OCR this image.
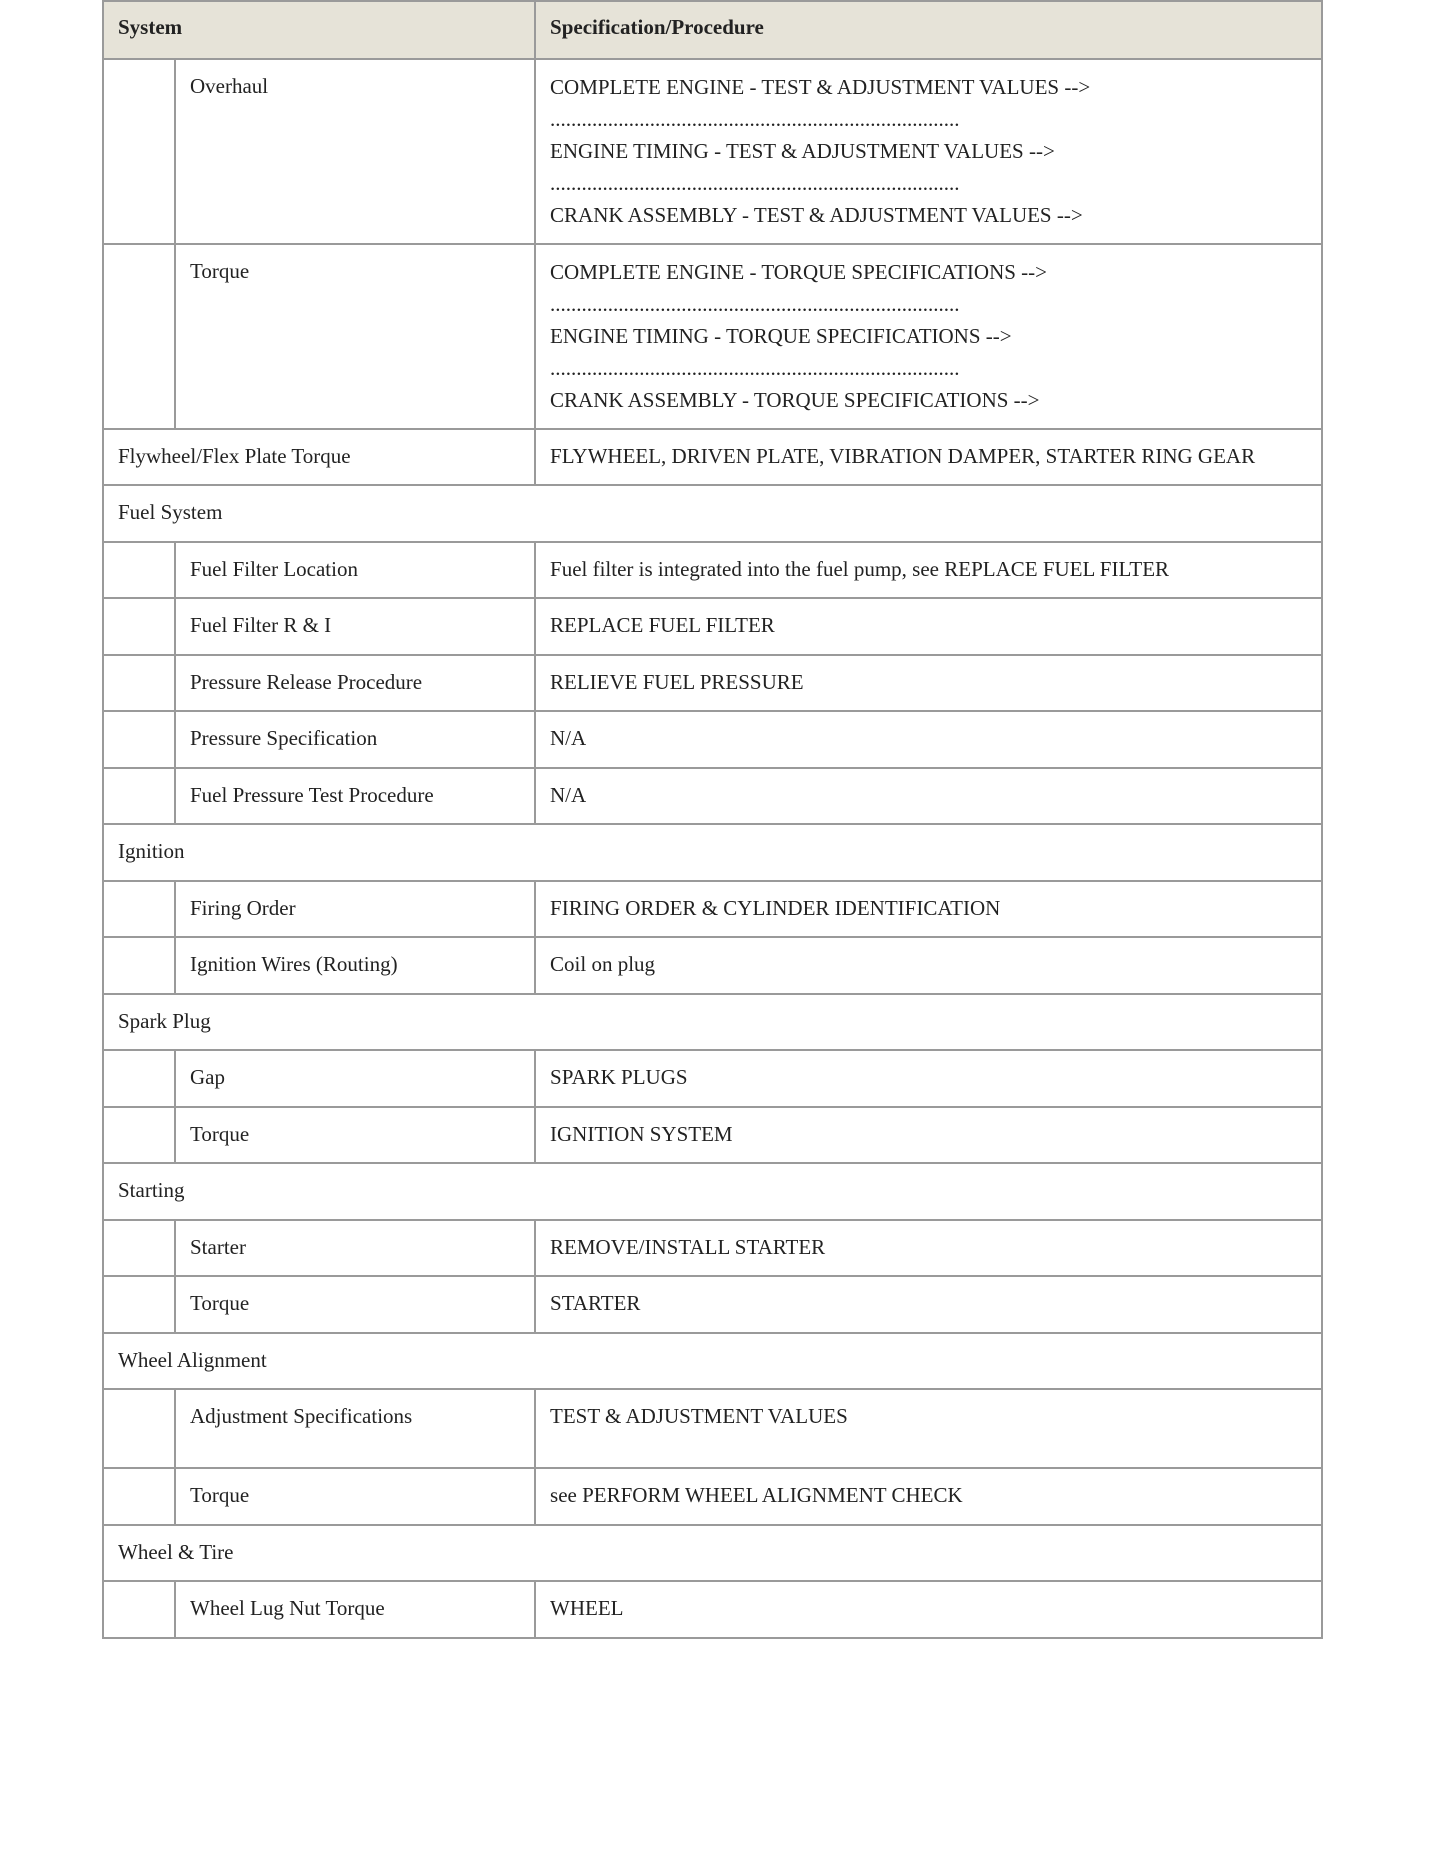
System		Specification/Procedure
	Overhaul	COMPLETE ENGINE - TEST & ADJUSTMENT VALUES -->
..............................................................................
ENGINE TIMING - TEST & ADJUSTMENT VALUES -->
..............................................................................
CRANK ASSEMBLY - TEST & ADJUSTMENT VALUES -->

	Torque	COMPLETE ENGINE - TORQUE SPECIFICATIONS -->
..............................................................................
ENGINE TIMING - TORQUE SPECIFICATIONS -->
..............................................................................
CRANK ASSEMBLY - TORQUE SPECIFICATIONS -->

Flywheel/Flex Plate Torque		FLYWHEEL, DRIVEN PLATE, VIBRATION DAMPER, STARTER RING GEAR
Fuel System		
	Fuel Filter Location	Fuel filter is integrated into the fuel pump, see REPLACE FUEL FILTER
	Fuel Filter R & I	REPLACE FUEL FILTER
	Pressure Release Procedure	RELIEVE FUEL PRESSURE
	Pressure Specification	N/A
	Fuel Pressure Test Procedure	N/A
Ignition		
	Firing Order	FIRING ORDER & CYLINDER IDENTIFICATION
	Ignition Wires (Routing)	Coil on plug
Spark Plug		
	Gap	SPARK PLUGS
	Torque	IGNITION SYSTEM
Starting		
	Starter	REMOVE/INSTALL STARTER
	Torque	STARTER
Wheel Alignment		
	Adjustment Specifications	TEST & ADJUSTMENT VALUES
	Torque	see PERFORM WHEEL ALIGNMENT CHECK
Wheel & Tire		
	Wheel Lug Nut Torque	WHEEL
